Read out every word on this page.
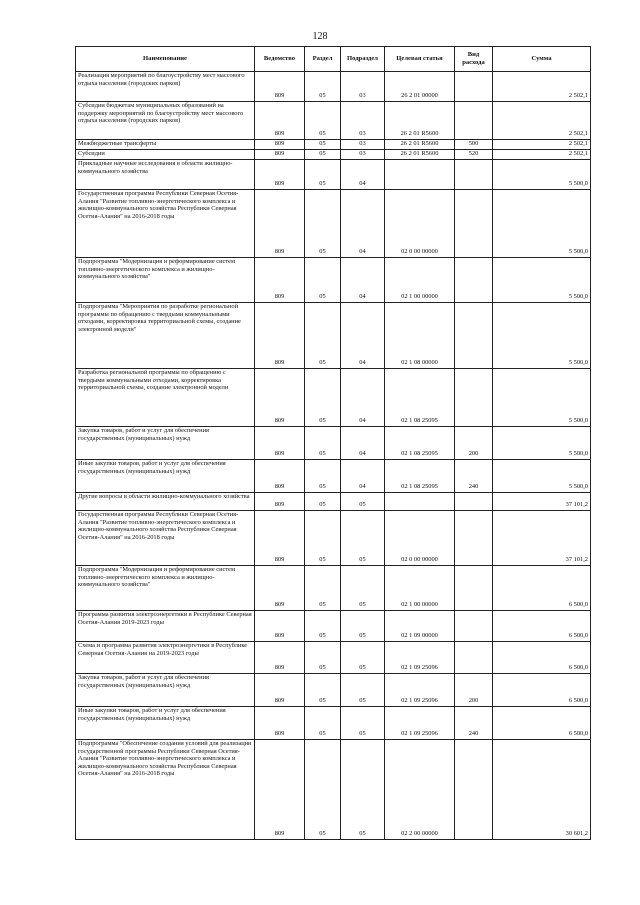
128
Наименование	Ведомство	Раздел	Подраздел	Целевая статья	Вид расхода	Сумма
Реализация мероприятий по благоустройству мест массового отдыха населения (городских парков)	809	05	03	26 2 01 00000		2 502,1
Субсидии бюджетам муниципальных образований на поддержку мероприятий по благоустройству мест массового отдыха населения (городских парков)	809	05	03	26 2 01 R5600		2 502,1
Межбюджетные трансферты	809	05	03	26 2 01 R5600	500	2 502,1
Субсидии	809	05	03	26 2 01 R5600	520	2 502,1
Прикладные научные исследования в области жилищно-коммунального хозяйства	809	05	04			5 500,0
Государственная программа Республики Северная Осетия-Алания "Развитие топливно-энергетического комплекса и жилищно-коммунального хозяйства Республики Северная Осетия-Алания" на 2016-2018 годы	809	05	04	02 0 00 00000		5 500,0
Подпрограмма "Модернизация и реформирование систем топливно-энергетического комплекса и жилищно-коммунального хозяйства"	809	05	04	02 1 00 00000		5 500,0
Подпрограмма "Мероприятия по разработке региональной программы по обращению с твердыми коммунальными отходами, корректировка территориальной схемы, создание электронной модели"	809	05	04	02 1 08 00000		5 500,0
Разработка региональной программы по обращению с твердыми коммунальными отходами, корректировка территориальной схемы, создание электронной модели	809	05	04	02 1 08 25095		5 500,0
Закупка товаров, работ и услуг для обеспечения государственных (муниципальных) нужд	809	05	04	02 1 08 25095	200	5 500,0
Иные закупки товаров, работ и услуг для обеспечения государственных (муниципальных) нужд	809	05	04	02 1 08 25095	240	5 500,0
Другие вопросы в области жилищно-коммунального хозяйства	809	05	05			37 101,2
Государственная программа Республики Северная Осетия-Алания "Развитие топливно-энергетического комплекса и жилищно-коммунального хозяйства Республики Северная Осетия-Алания" на 2016-2018 годы	809	05	05	02 0 00 00000		37 101,2
Подпрограмма "Модернизация и реформирование систем топливно-энергетического комплекса и жилищно-коммунального хозяйства"	809	05	05	02 1 00 00000		6 500,0
Программа развития электроэнергетики в Республике Северная Осетия-Алания 2019-2023 годы	809	05	05	02 1 09 00000		6 500,0
Схема и программа развития электроэнергетики в Республике Северная Осетия-Алания на 2019-2023 годы	809	05	05	02 1 09 25096		6 500,0
Закупка товаров, работ и услуг для обеспечения государственных (муниципальных) нужд	809	05	05	02 1 09 25096	200	6 500,0
Иные закупки товаров, работ и услуг для обеспечения государственных (муниципальных) нужд	809	05	05	02 1 09 25096	240	6 500,0
Подпрограмма "Обеспечение создания условий для реализации государственной программы Республики Северная Осетия-Алания "Развитие топливно-энергетического комплекса и жилищно-коммунального хозяйства Республики Северная Осетия-Алания" на 2016-2018 годы	809	05	05	02 2 00 00000		30 601,2
